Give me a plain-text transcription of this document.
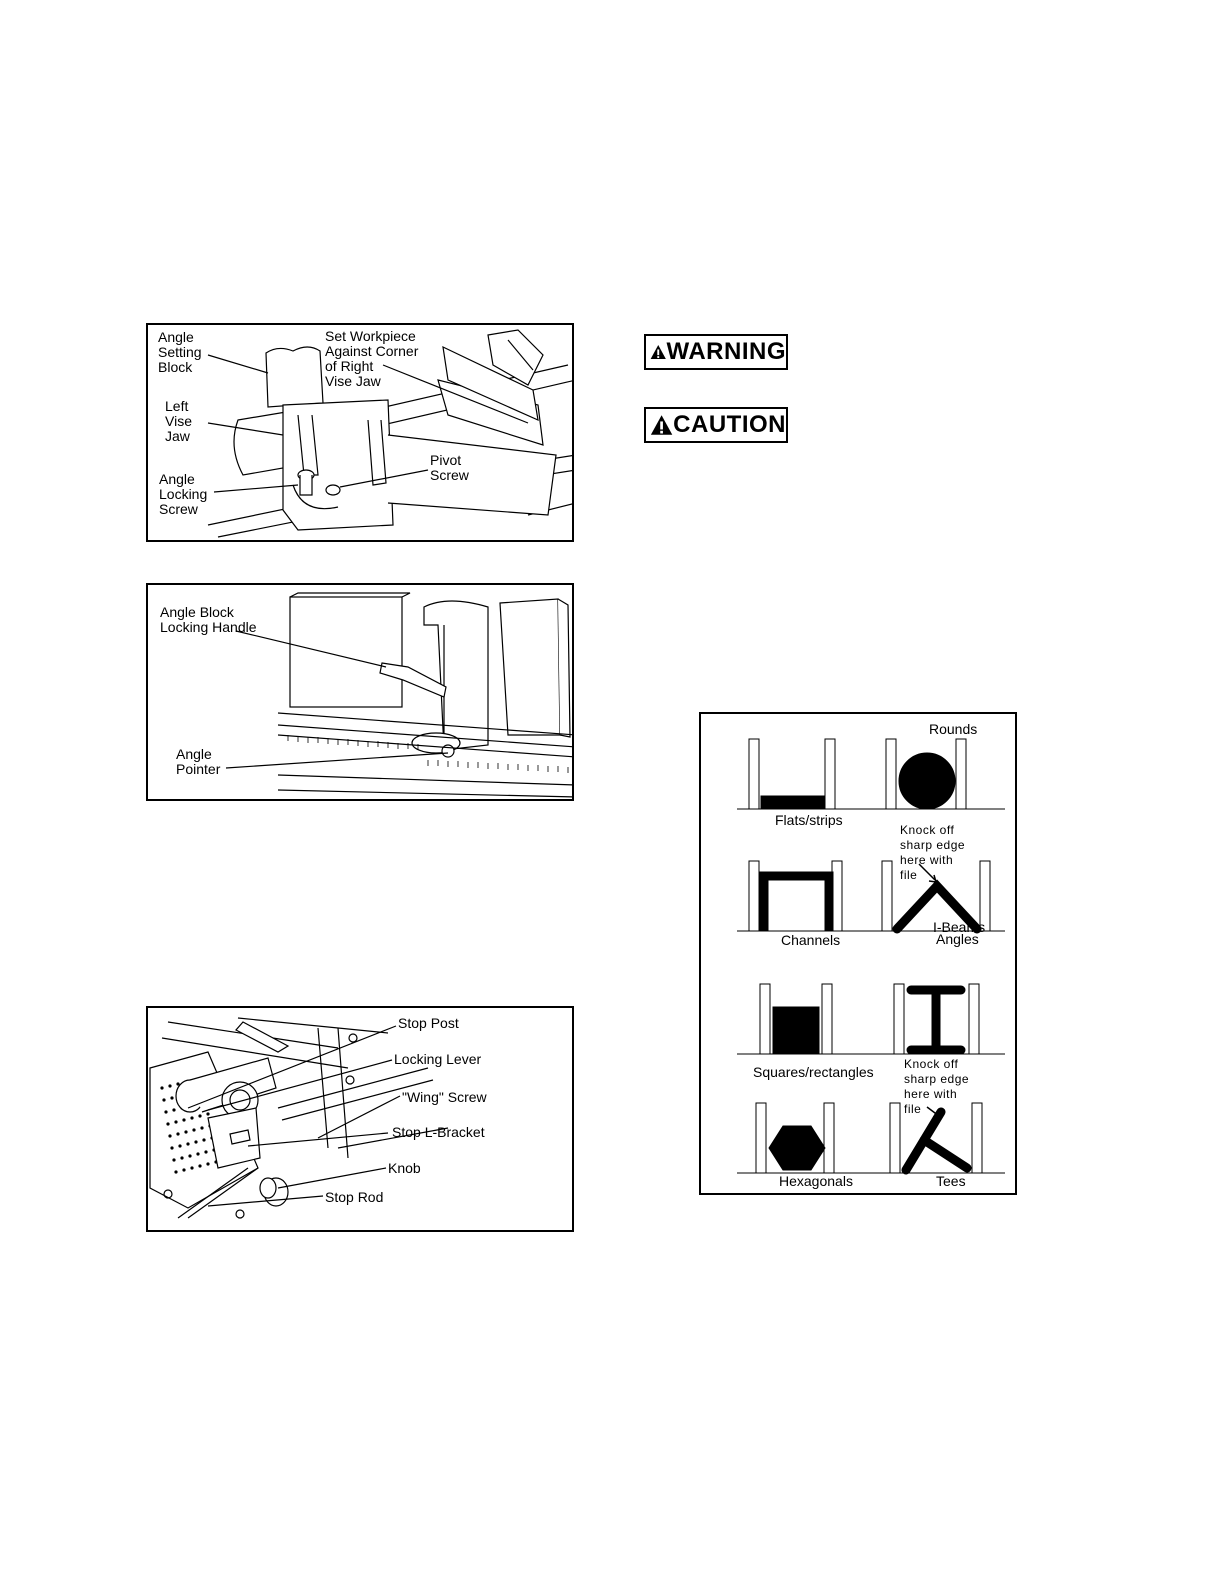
Angle
Setting
Block
Set Workpiece
Against Corner
of Right
Vise Jaw
Left
Vise
Jaw
Pivot
Screw
Angle
Locking
Screw
Angle Block
Locking Handle
Angle
Pointer
Stop Post
Locking Lever
"Wing" Screw
Stop L-Bracket
Knob
Stop Rod
WARNING
CAUTION
Rounds
Flats/strips
Knock off
sharp edge
here with
file
Channels
I-Beams
Angles
Squares/rectangles	Knock off
sharp edge
here with
file
Hexagonals	Tees
